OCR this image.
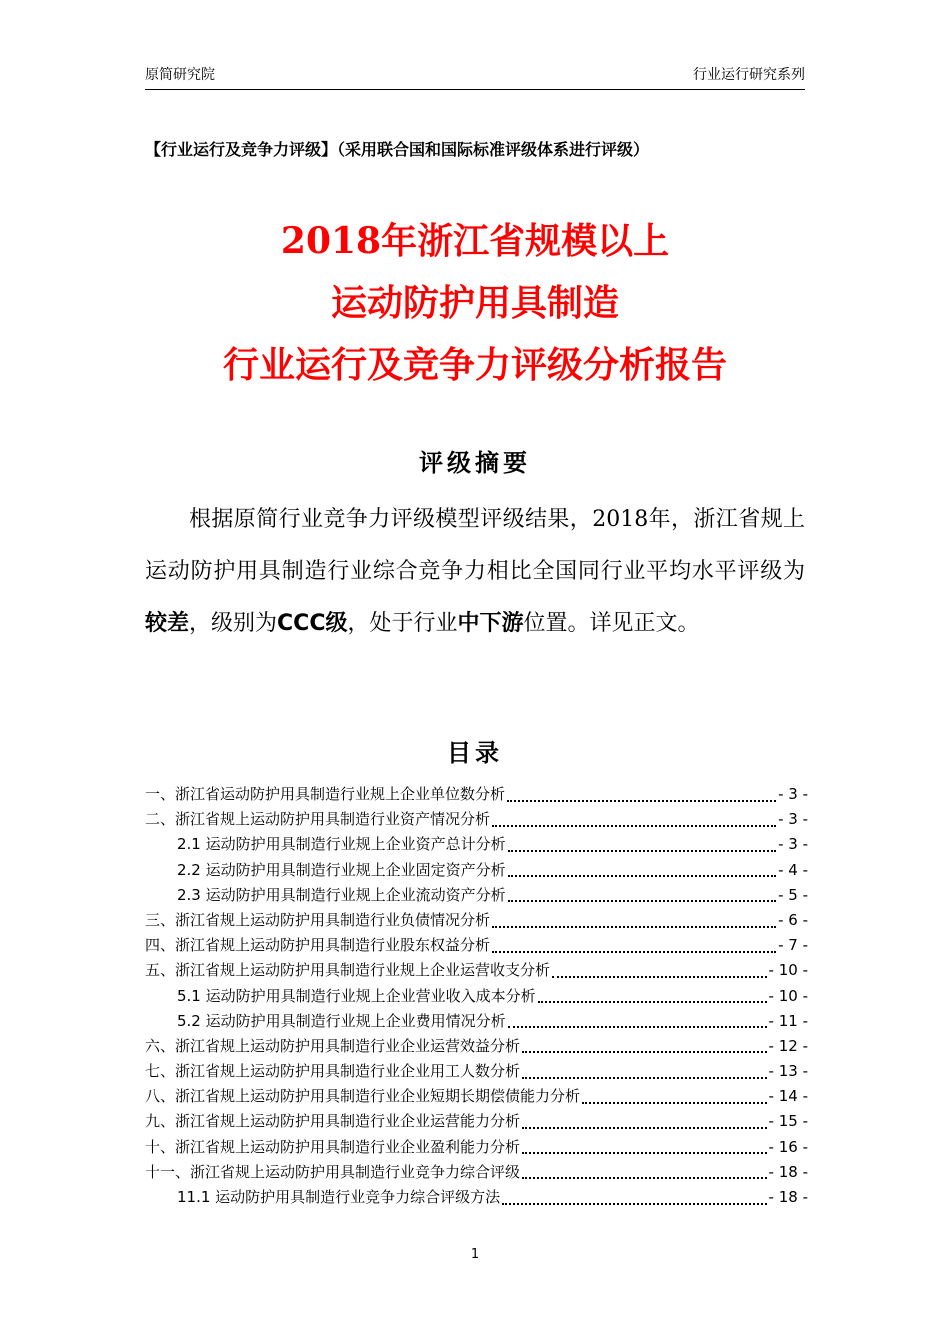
原简研究院	行业运行研究系列
【行业运行及竞争力评级】（采用联合国和国际标准评级体系进行评级）
2018年浙江省规模以上
运动防护用具制造
行业运行及竞争力评级分析报告
评级摘要
根据原简行业竞争力评级模型评级结果，2018年，浙江省规上运动防护用具制造行业综合竞争力相比全国同行业平均水平评级为较差，级别为CCC级，处于行业中下游位置。详见正文。
目录
一、浙江省运动防护用具制造行业规上企业单位数分析	- 3 -
二、浙江省规上运动防护用具制造行业资产情况分析	- 3 -
2.1 运动防护用具制造行业规上企业资产总计分析	- 3 -
2.2 运动防护用具制造行业规上企业固定资产分析	- 4 -
2.3 运动防护用具制造行业规上企业流动资产分析	- 5 -
三、浙江省规上运动防护用具制造行业负债情况分析	- 6 -
四、浙江省规上运动防护用具制造行业股东权益分析	- 7 -
五、浙江省规上运动防护用具制造行业规上企业运营收支分析	- 10 -
5.1 运动防护用具制造行业规上企业营业收入成本分析	- 10 -
5.2 运动防护用具制造行业规上企业费用情况分析	- 11 -
六、浙江省规上运动防护用具制造行业企业运营效益分析	- 12 -
七、浙江省规上运动防护用具制造行业企业用工人数分析	- 13 -
八、浙江省规上运动防护用具制造行业企业短期长期偿债能力分析	- 14 -
九、浙江省规上运动防护用具制造行业企业运营能力分析	- 15 -
十、浙江省规上运动防护用具制造行业企业盈利能力分析	- 16 -
十一、浙江省规上运动防护用具制造行业竞争力综合评级	- 18 -
11.1 运动防护用具制造行业竞争力综合评级方法	- 18 -
1
